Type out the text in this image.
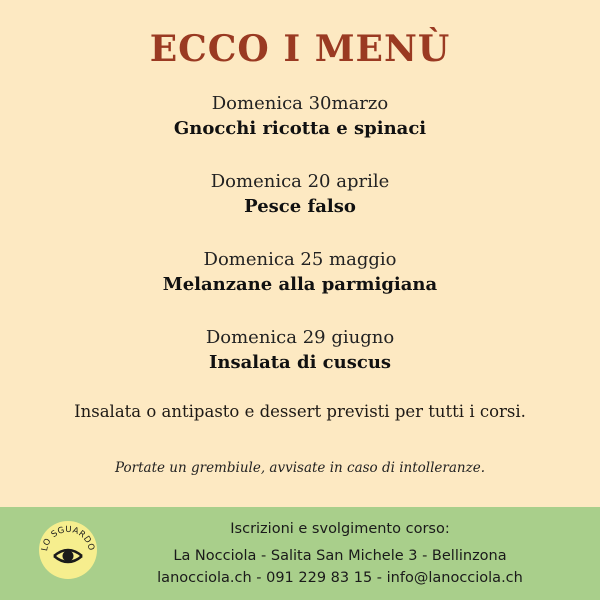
ECCO I MENÙ
Domenica 30marzo
Gnocchi ricotta e spinaci
Domenica 20 aprile
Pesce falso
Domenica 25 maggio
Melanzane alla parmigiana
Domenica 29 giugno
Insalata di cuscus
Insalata o antipasto e dessert previsti per tutti i corsi.
Portate un grembiule, avvisate in caso di intolleranze.
LO SGUARDO
Iscrizioni e svolgimento corso:
La Nocciola - Salita San Michele 3 - Bellinzona
lanocciola.ch - 091 229 83 15 - info@lanocciola.ch
